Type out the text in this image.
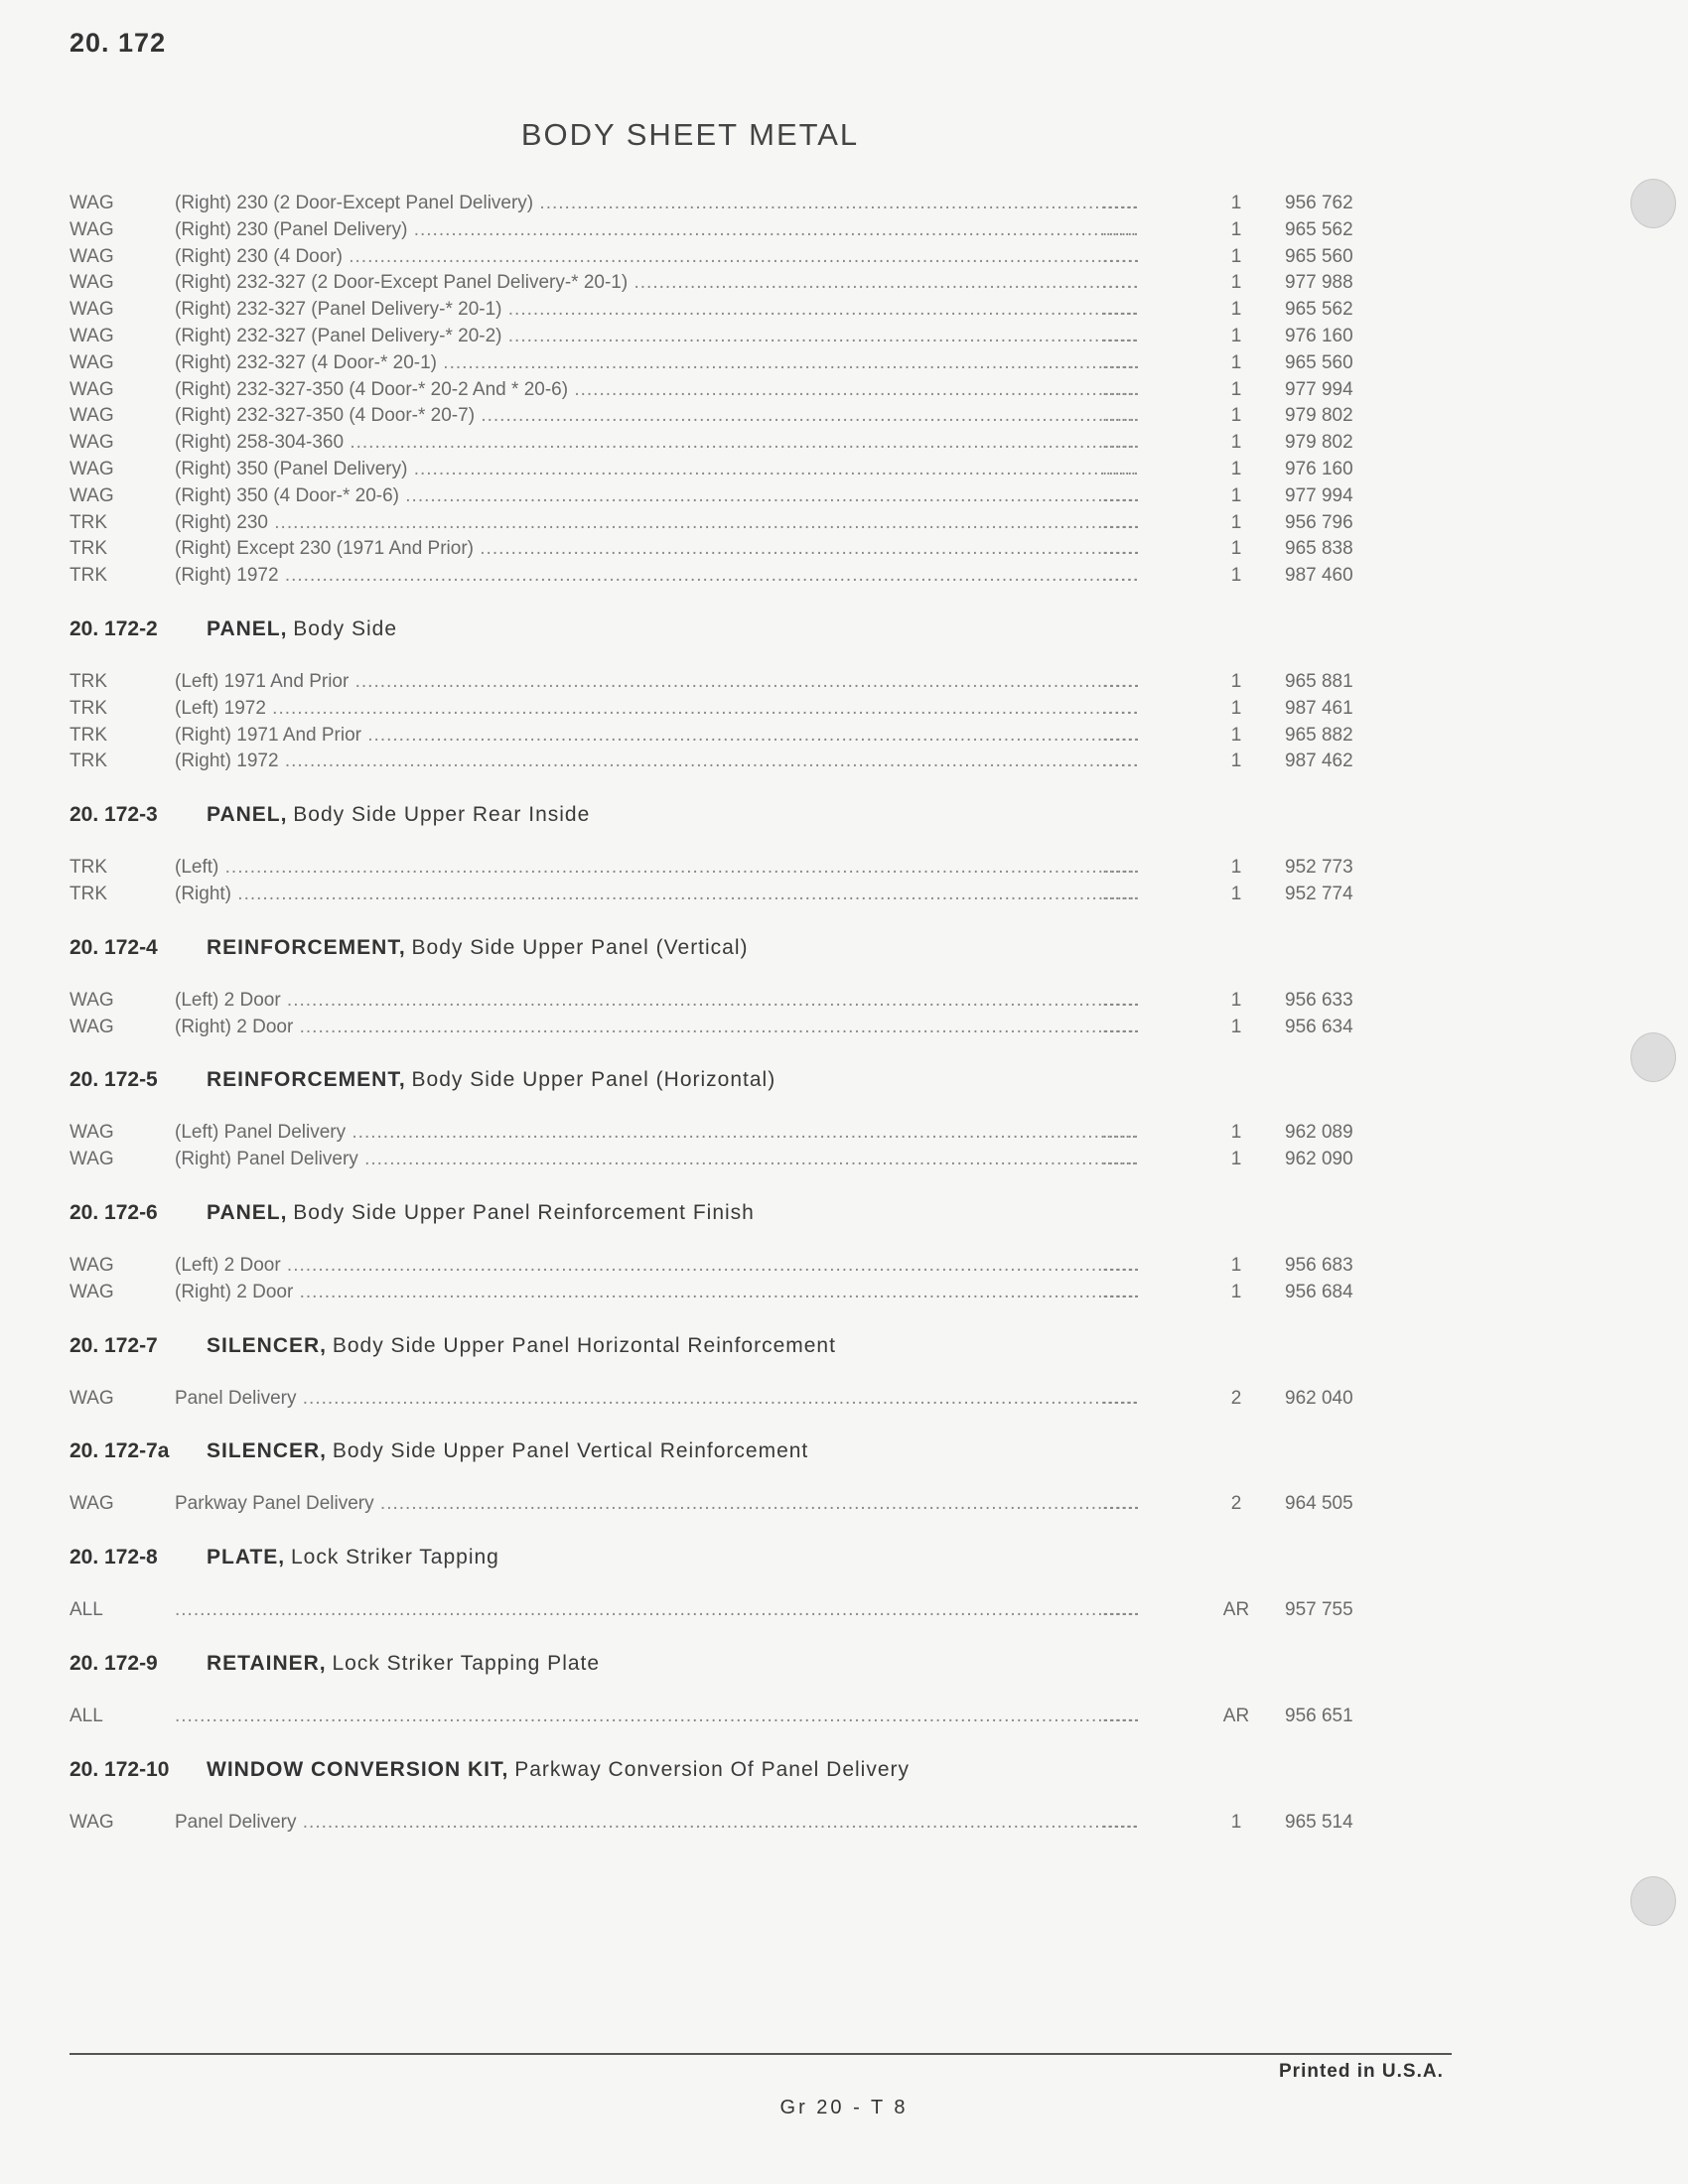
20. 172
BODY SHEET METAL
WAG	(Right) 230 (2 Door-Except Panel Delivery) .....	......	1	956 762
WAG	(Right) 230 (Panel Delivery) .....	......	1	965 562
WAG	(Right) 230 (4 Door) .....	......	1	965 560
WAG	(Right) 232-327 (2 Door-Except Panel Delivery-* 20-1) .....	......	1	977 988
WAG	(Right) 232-327 (Panel Delivery-* 20-1) .....	......	1	965 562
WAG	(Right) 232-327 (Panel Delivery-* 20-2) .....	......	1	976 160
WAG	(Right) 232-327 (4 Door-* 20-1) .....	......	1	965 560
WAG	(Right) 232-327-350 (4 Door-* 20-2 And * 20-6) .....	......	1	977 994
WAG	(Right) 232-327-350 (4 Door-* 20-7) .....	......	1	979 802
WAG	(Right) 258-304-360 .....	......	1	979 802
WAG	(Right) 350 (Panel Delivery) .....	......	1	976 160
WAG	(Right) 350 (4 Door-* 20-6) .....	......	1	977 994
TRK	(Right) 230 .....	......	1	956 796
TRK	(Right) Except 230 (1971 And Prior) .....	......	1	965 838
TRK	(Right) 1972 .....	......	1	987 460
20. 172-2 PANEL, Body Side
TRK	(Left) 1971 And Prior .....	......	1	965 881
TRK	(Left) 1972 .....	......	1	987 461
TRK	(Right) 1971 And Prior .....	......	1	965 882
TRK	(Right) 1972 .....	......	1	987 462
20. 172-3 PANEL, Body Side Upper Rear Inside
TRK	(Left) .....	......	1	952 773
TRK	(Right) .....	......	1	952 774
20. 172-4 REINFORCEMENT, Body Side Upper Panel (Vertical)
WAG	(Left) 2 Door .....	......	1	956 633
WAG	(Right) 2 Door .....	......	1	956 634
20. 172-5 REINFORCEMENT, Body Side Upper Panel (Horizontal)
WAG	(Left) Panel Delivery .....	......	1	962 089
WAG	(Right) Panel Delivery .....	......	1	962 090
20. 172-6 PANEL, Body Side Upper Panel Reinforcement Finish
WAG	(Left) 2 Door .....	......	1	956 683
WAG	(Right) 2 Door .....	......	1	956 684
20. 172-7 SILENCER, Body Side Upper Panel Horizontal Reinforcement
WAG	Panel Delivery .....	......	2	962 040
20. 172-7a SILENCER, Body Side Upper Panel Vertical Reinforcement
WAG	Parkway Panel Delivery .....	......	2	964 505
20. 172-8 PLATE, Lock Striker Tapping
ALL .....	......	AR	957 755
20. 172-9 RETAINER, Lock Striker Tapping Plate
ALL .....	......	AR	956 651
20. 172-10 WINDOW CONVERSION KIT, Parkway Conversion Of Panel Delivery
WAG	Panel Delivery .....	......	1	965 514
Printed in U.S.A.
Gr 20 - T 8
